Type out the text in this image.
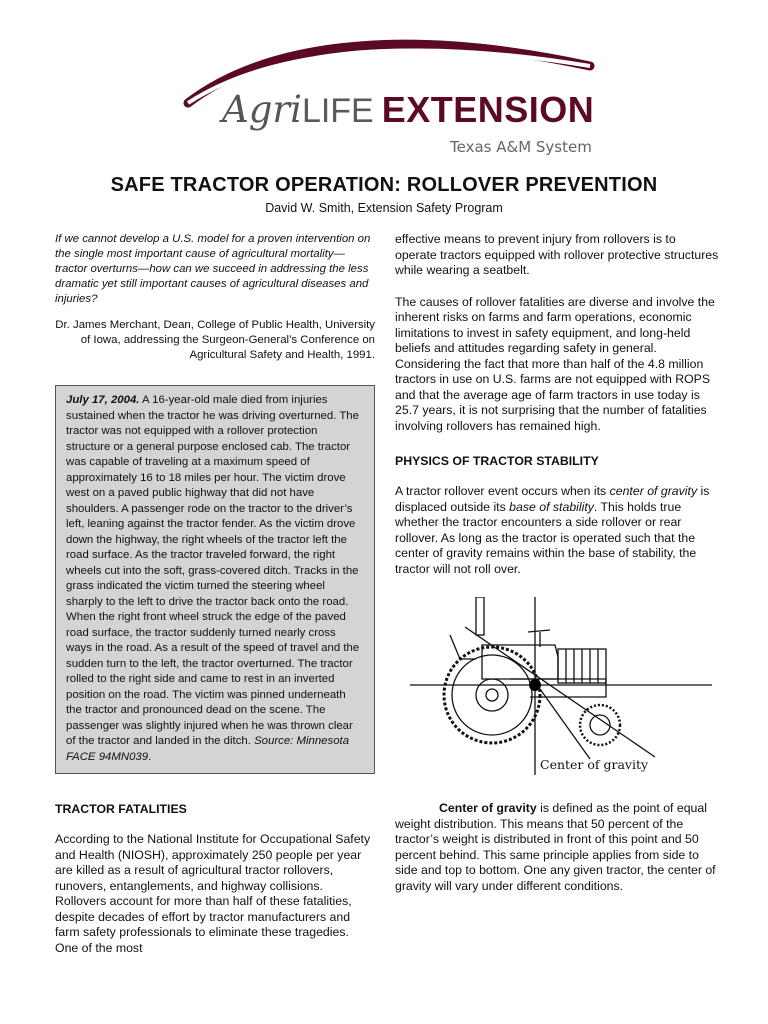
AgriLIFE EXTENSION
Texas A&M System
SAFE TRACTOR OPERATION: ROLLOVER PREVENTION
David W. Smith, Extension Safety Program

If we cannot develop a U.S. model for a proven intervention on the single most important cause of agricultural mortality—tractor overturns—how can we succeed in addressing the less dramatic yet still important causes of agricultural diseases and injuries?

Dr. James Merchant, Dean, College of Public Health, University of Iowa, addressing the Surgeon-General’s Conference on Agricultural Safety and Health, 1991.

July 17, 2004. A 16-year-old male died from injuries sustained when the tractor he was driving overturned. The tractor was not equipped with a rollover protection structure or a general purpose enclosed cab. The tractor was capable of traveling at a maximum speed of approximately 16 to 18 miles per hour. The victim drove west on a paved public highway that did not have shoulders. A passenger rode on the tractor to the driver’s left, leaning against the tractor fender. As the victim drove down the highway, the right wheels of the tractor left the road surface. As the tractor traveled forward, the right wheels cut into the soft, grass-covered ditch. Tracks in the grass indicated the victim turned the steering wheel sharply to the left to drive the tractor back onto the road. When the right front wheel struck the edge of the paved road surface, the tractor suddenly turned nearly cross ways in the road. As a result of the speed of travel and the sudden turn to the left, the tractor overturned. The tractor rolled to the right side and came to rest in an inverted position on the road. The victim was pinned underneath the tractor and pronounced dead on the scene. The passenger was slightly injured when he was thrown clear of the tractor and landed in the ditch. Source: Minnesota FACE 94MN039.

TRACTOR FATALITIES

According to the National Institute for Occupational Safety and Health (NIOSH), approximately 250 people per year are killed as a result of agricultural tractor rollovers, runovers, entanglements, and highway collisions. Rollovers account for more than half of these fatalities, despite decades of effort by tractor manufacturers and farm safety professionals to eliminate these tragedies. One of the most

effective means to prevent injury from rollovers is to operate tractors equipped with rollover protective structures while wearing a seatbelt.

The causes of rollover fatalities are diverse and involve the inherent risks on farms and farm operations, economic limitations to invest in safety equipment, and long-held beliefs and attitudes regarding safety in general. Considering the fact that more than half of the 4.8 million tractors in use on U.S. farms are not equipped with ROPS and that the average age of farm tractors in use today is 25.7 years, it is not surprising that the number of fatalities involving rollovers has remained high.

PHYSICS OF TRACTOR STABILITY

A tractor rollover event occurs when its center of gravity is displaced outside its base of stability. This holds true whether the tractor encounters a side rollover or rear rollover. As long as the tractor is operated such that the center of gravity remains within the base of stability, the tractor will not roll over.

Center of gravity

Center of gravity is defined as the point of equal weight distribution. This means that 50 percent of the tractor’s weight is distributed in front of this point and 50 percent behind. This same principle applies from side to side and top to bottom. One any given tractor, the center of gravity will vary under different conditions.
